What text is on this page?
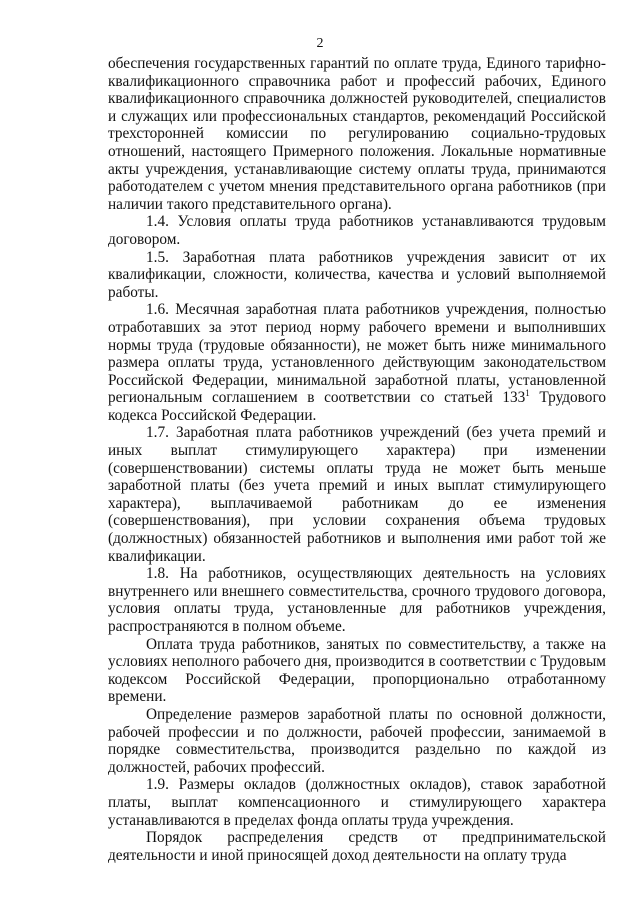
2

обеспечения государственных гарантий по оплате труда, Единого тарифно-квалификационного справочника работ и профессий рабочих, Единого квалификационного справочника должностей руководителей, специалистов и служащих или профессиональных стандартов, рекомендаций Российской трехсторонней комиссии по регулированию социально-трудовых отношений, настоящего Примерного положения. Локальные нормативные акты учреждения, устанавливающие систему оплаты труда, принимаются работодателем с учетом мнения представительного органа работников (при наличии такого представительного органа).

1.4. Условия оплаты труда работников устанавливаются трудовым договором.

1.5. Заработная плата работников учреждения зависит от их квалификации, сложности, количества, качества и условий выполняемой работы.

1.6. Месячная заработная плата работников учреждения, полностью отработавших за этот период норму рабочего времени и выполнивших нормы труда (трудовые обязанности), не может быть ниже минимального размера оплаты труда, установленного действующим законодательством Российской Федерации, минимальной заработной платы, установленной региональным соглашением в соответствии со статьей $133^1$ Трудового кодекса Российской Федерации.

1.7. Заработная плата работников учреждений (без учета премий и иных выплат стимулирующего характера) при изменении (совершенствовании) системы оплаты труда не может быть меньше заработной платы (без учета премий и иных выплат стимулирующего характера), выплачиваемой работникам до ее изменения (совершенствования), при условии сохранения объема трудовых (должностных) обязанностей работников и выполнения ими работ той же квалификации.

1.8. На работников, осуществляющих деятельность на условиях внутреннего или внешнего совместительства, срочного трудового договора, условия оплаты труда, установленные для работников учреждения, распространяются в полном объеме.

Оплата труда работников, занятых по совместительству, а также на условиях неполного рабочего дня, производится в соответствии с Трудовым кодексом Российской Федерации, пропорционально отработанному времени.

Определение размеров заработной платы по основной должности, рабочей профессии и по должности, рабочей профессии, занимаемой в порядке совместительства, производится раздельно по каждой из должностей, рабочих профессий.

1.9. Размеры окладов (должностных окладов), ставок заработной платы, выплат компенсационного и стимулирующего характера устанавливаются в пределах фонда оплаты труда учреждения.

Порядок распределения средств от предпринимательской деятельности и иной приносящей доход деятельности на оплату труда
